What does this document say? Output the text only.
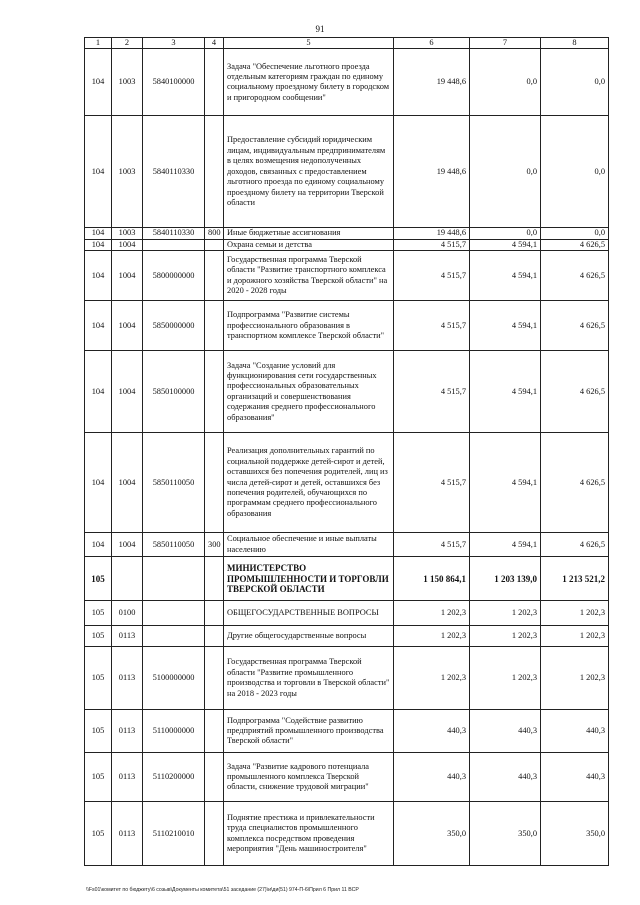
91
1	2	3	4	5	6	7	8
104	1003	5840100000		Задача "Обеспечение льготного проезда отдельным категориям граждан по единому социальному проездному билету в городском и пригородном сообщении"	19 448,6	0,0	0,0
104	1003	5840110330		Предоставление субсидий юридическим лицам, индивидуальным предпринимателям в целях возмещения недополученных доходов, связанных с предоставлением льготного проезда по единому социальному проездному билету на территории Тверской области	19 448,6	0,0	0,0
104	1003	5840110330	800	Иные бюджетные ассигнования	19 448,6	0,0	0,0
104	1004			Охрана семьи и детства	4 515,7	4 594,1	4 626,5
104	1004	5800000000		Государственная программа Тверской области "Развитие транспортного комплекса и дорожного хозяйства Тверской области" на 2020 - 2028 годы	4 515,7	4 594,1	4 626,5
104	1004	5850000000		Подпрограмма "Развитие системы профессионального образования в транспортном комплексе Тверской области"	4 515,7	4 594,1	4 626,5
104	1004	5850100000		Задача "Создание условий для функционирования сети государственных профессиональных образовательных организаций и совершенствования содержания среднего профессионального образования"	4 515,7	4 594,1	4 626,5
104	1004	5850110050		Реализация дополнительных гарантий по социальной поддержке детей-сирот и детей, оставшихся без попечения родителей, лиц из числа детей-сирот и детей, оставшихся без попечения родителей, обучающихся по программам среднего профессионального образования	4 515,7	4 594,1	4 626,5
104	1004	5850110050	300	Социальное обеспечение и иные выплаты населению	4 515,7	4 594,1	4 626,5
105				МИНИСТЕРСТВО ПРОМЫШЛЕННОСТИ И ТОРГОВЛИ ТВЕРСКОЙ ОБЛАСТИ	1 150 864,1	1 203 139,0	1 213 521,2
105	0100			ОБЩЕГОСУДАРСТВЕННЫЕ ВОПРОСЫ	1 202,3	1 202,3	1 202,3
105	0113			Другие общегосударственные вопросы	1 202,3	1 202,3	1 202,3
105	0113	5100000000		Государственная программа Тверской области "Развитие промышленного производства и торговли в Тверской области" на 2018 - 2023 годы	1 202,3	1 202,3	1 202,3
105	0113	5110000000		Подпрограмма "Содействие развитию предприятий промышленного производства Тверской области"	440,3	440,3	440,3
105	0113	5110200000		Задача "Развитие кадрового потенциала промышленного комплекса Тверской области, снижение трудовой миграции"	440,3	440,3	440,3
105	0113	5110210010		Поднятие престижа и привлекательности труда специалистов промышленного комплекса посредством проведения мероприятия "День машиностроителя"	350,0	350,0	350,0
\\Fs01\комитет по бюджету\6 созыв\Документы комитета\51 заседание (27)\и\ди(51) 974-П-6\Прил 6 Прил 11 ВСР
